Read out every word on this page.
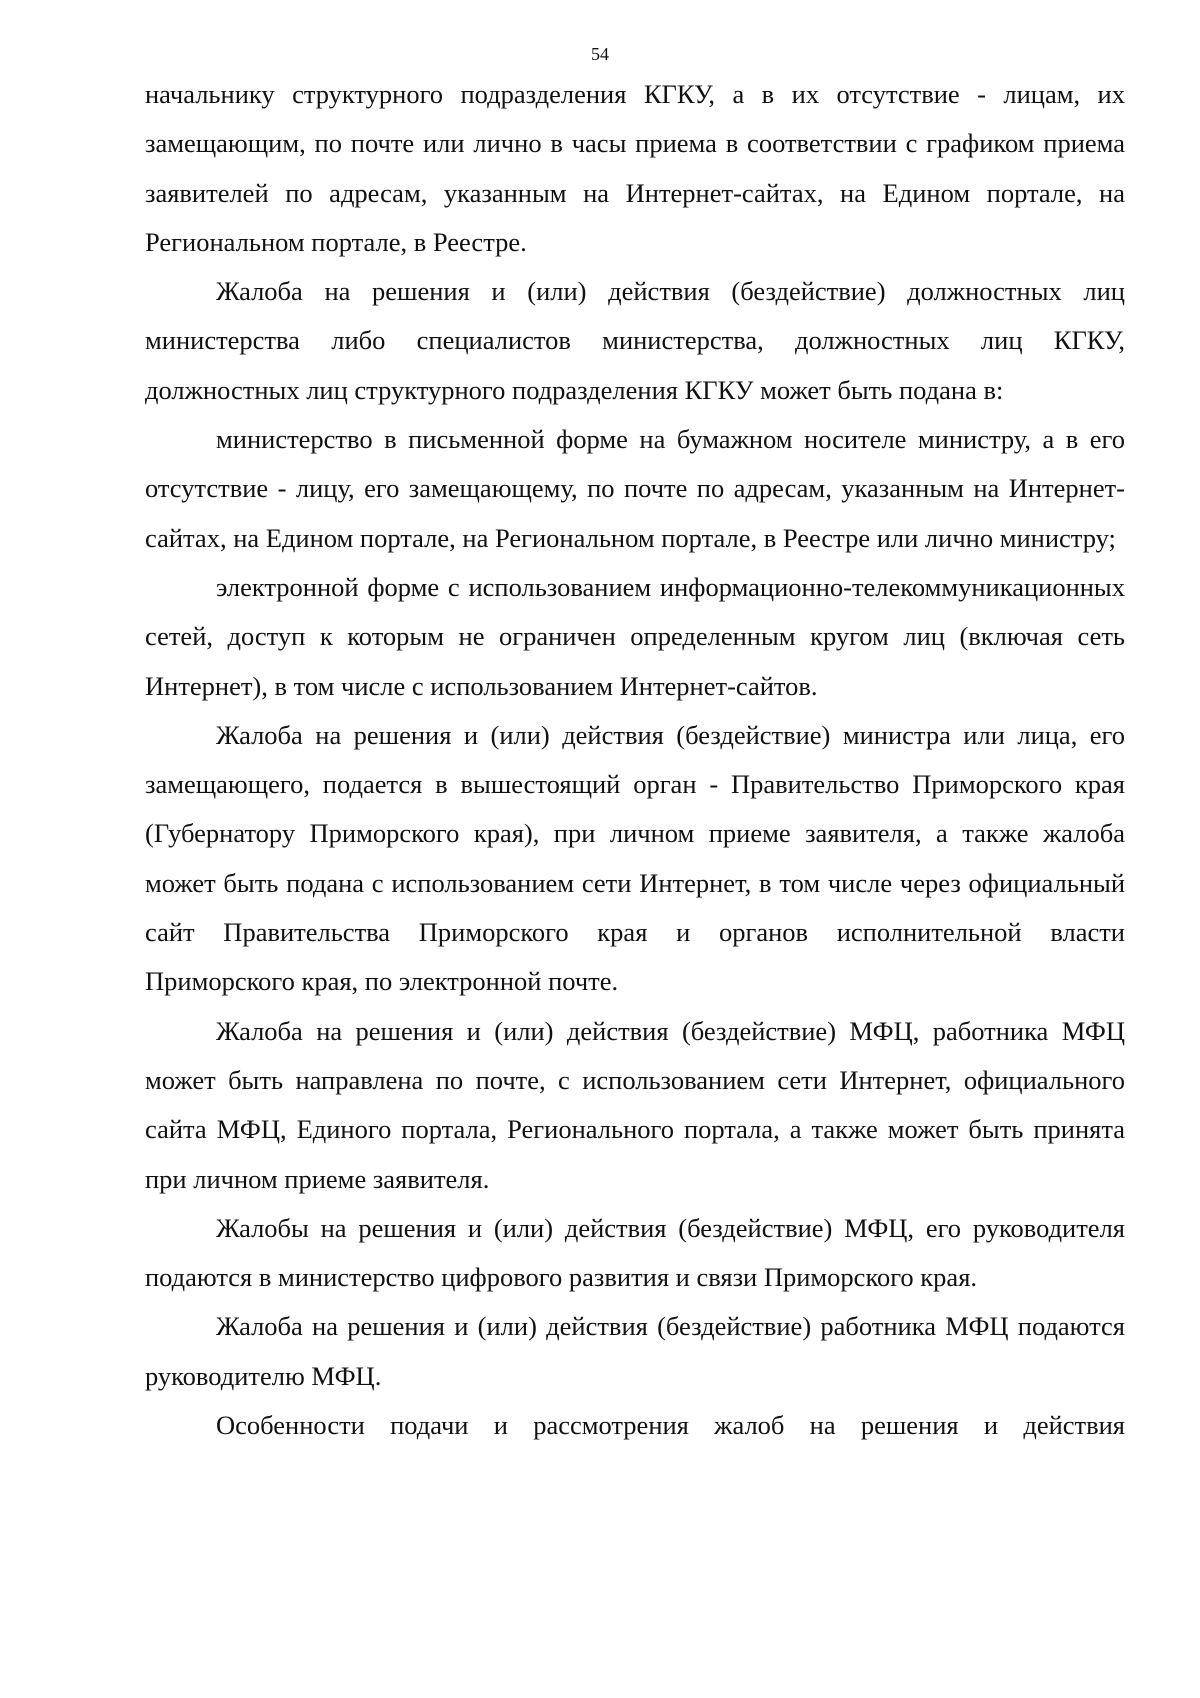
54

начальнику структурного подразделения КГКУ, а в их отсутствие - лицам, их замещающим, по почте или лично в часы приема в соответствии с графиком приема заявителей по адресам, указанным на Интернет-сайтах, на Едином портале, на Региональном портале, в Реестре.

Жалоба на решения и (или) действия (бездействие) должностных лиц министерства либо специалистов министерства, должностных лиц КГКУ, должностных лиц структурного подразделения КГКУ может быть подана в:

министерство в письменной форме на бумажном носителе министру, а в его отсутствие - лицу, его замещающему, по почте по адресам, указанным на Интернет-сайтах, на Едином портале, на Региональном портале, в Реестре или лично министру;

электронной форме с использованием информационно-телекоммуникационных сетей, доступ к которым не ограничен определенным кругом лиц (включая сеть Интернет), в том числе с использованием Интернет-сайтов.

Жалоба на решения и (или) действия (бездействие) министра или лица, его замещающего, подается в вышестоящий орган - Правительство Приморского края (Губернатору Приморского края), при личном приеме заявителя, а также жалоба может быть подана с использованием сети Интернет, в том числе через официальный сайт Правительства Приморского края и органов исполнительной власти Приморского края, по электронной почте.

Жалоба на решения и (или) действия (бездействие) МФЦ, работника МФЦ может быть направлена по почте, с использованием сети Интернет, официального сайта МФЦ, Единого портала, Регионального портала, а также может быть принята при личном приеме заявителя.

Жалобы на решения и (или) действия (бездействие) МФЦ, его руководителя подаются в министерство цифрового развития и связи Приморского края.

Жалоба на решения и (или) действия (бездействие) работника МФЦ подаются руководителю МФЦ.

Особенности подачи и рассмотрения жалоб на решения и действия
